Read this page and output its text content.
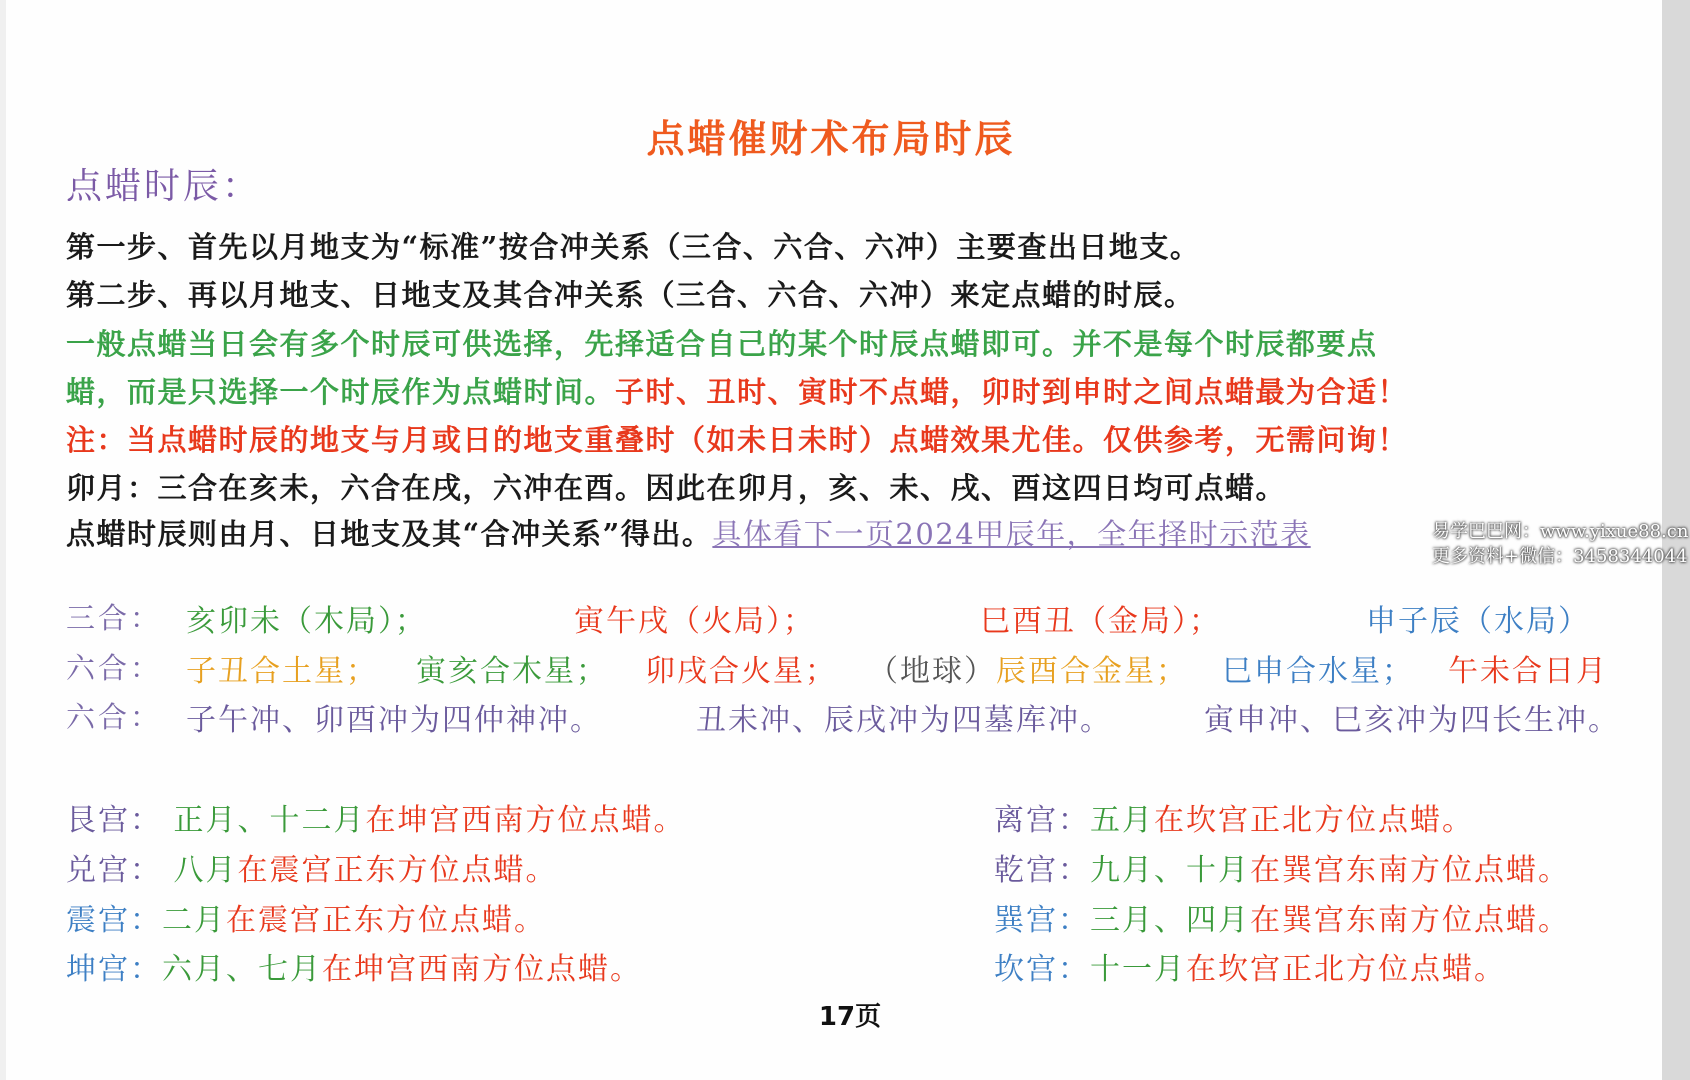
点蜡催财术布局时辰
点蜡时辰：
第一步、首先以月地支为“标准”按合冲关系（三合、六合、六冲）主要查出日地支。
第二步、再以月地支、日地支及其合冲关系（三合、六合、六冲）来定点蜡的时辰。
一般点蜡当日会有多个时辰可供选择，先择适合自己的某个时辰点蜡即可。并不是每个时辰都要点
蜡，而是只选择一个时辰作为点蜡时间。子时、丑时、寅时不点蜡，卯时到申时之间点蜡最为合适！
注：当点蜡时辰的地支与月或日的地支重叠时（如未日未时）点蜡效果尤佳。仅供参考，无需问询！
卯月：三合在亥未，六合在戌，六冲在酉。因此在卯月，亥、未、戌、酉这四日均可点蜡。
点蜡时辰则由月、日地支及其“合冲关系”得出。具体看下一页2024甲辰年，全年择时示范表	易学巴巴网：www.yixue88.cn
更多资料+微信：3458344044
三合： 亥卯未（木局）；	寅午戌（火局）；	巳酉丑（金局）；	申子辰（水局）
六合： 子丑合土星； 寅亥合木星； 卯戌合火星； （地球） 辰酉合金星； 巳申合水星； 午未合日月
六合： 子午冲、卯酉冲为四仲神冲。	丑未冲、辰戌冲为四墓库冲。	寅申冲、巳亥冲为四长生冲。
艮宫： 正月、十二月在坤宫西南方位点蜡。
兑宫： 八月在震宫正东方位点蜡。
震宫：二月在震宫正东方位点蜡。
坤宫：六月、七月在坤宫西南方位点蜡。
离宫：五月在坎宫正北方位点蜡。
乾宫：九月、十月在巽宫东南方位点蜡。
巽宫：三月、四月在巽宫东南方位点蜡。
坎宫：十一月在坎宫正北方位点蜡。
17页
